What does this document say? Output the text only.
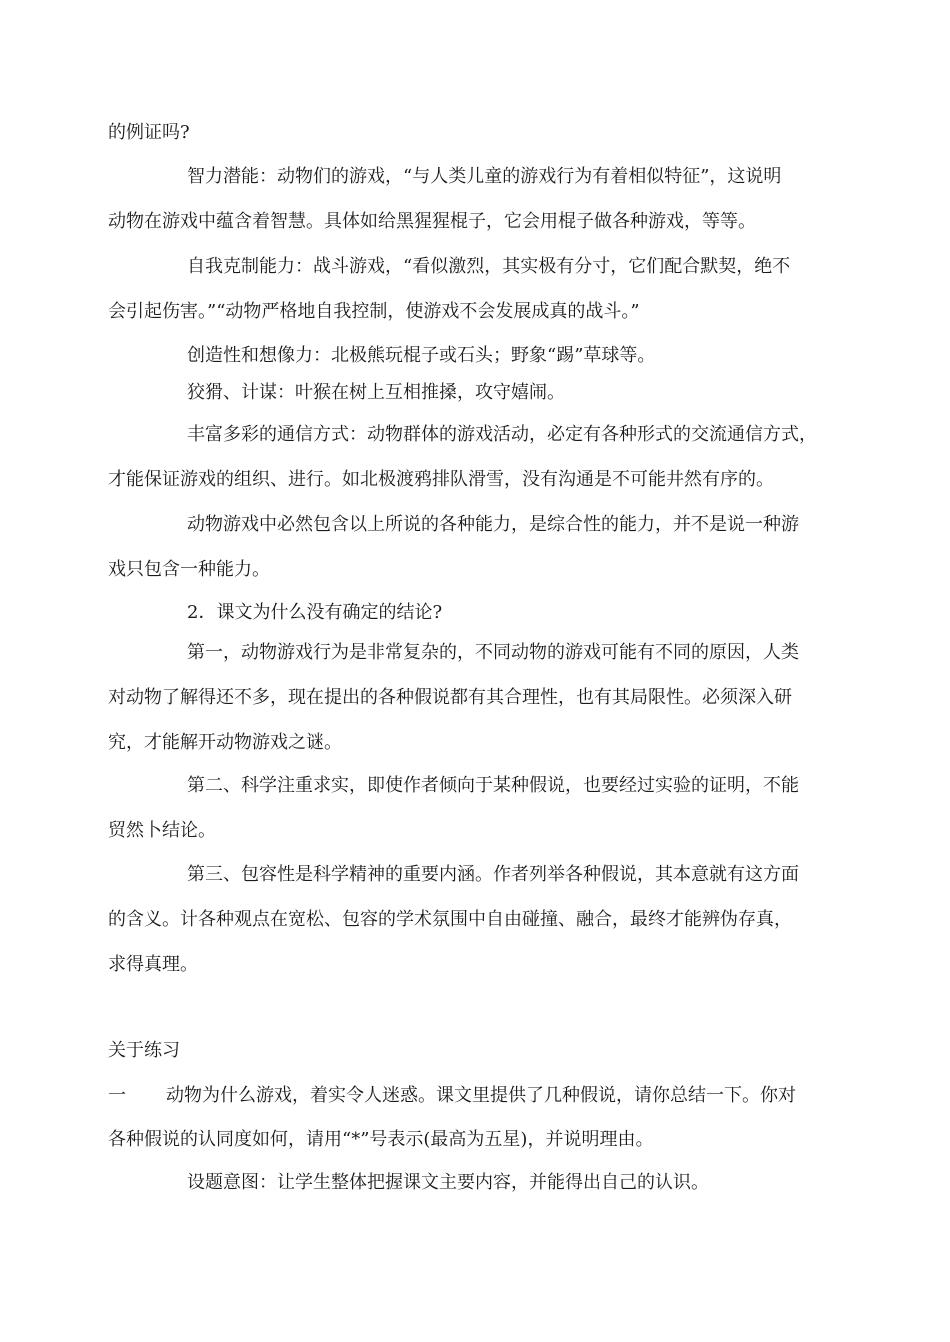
的例证吗?

智力潜能：动物们的游戏，“与人类儿童的游戏行为有着相似特征”，这说明

动物在游戏中蕴含着智慧。具体如给黑猩猩棍子，它会用棍子做各种游戏，等等。

自我克制能力：战斗游戏，“看似激烈，其实极有分寸，它们配合默契，绝不

会引起伤害。”“动物严格地自我控制，使游戏不会发展成真的战斗。”

创造性和想像力：北极熊玩棍子或石头；野象“踢”草球等。

狡猾、计谋：叶猴在树上互相推搡，攻守嬉闹。

丰富多彩的通信方式：动物群体的游戏活动，必定有各种形式的交流通信方式，

才能保证游戏的组织、进行。如北极渡鸦排队滑雪，没有沟通是不可能井然有序的。

动物游戏中必然包含以上所说的各种能力，是综合性的能力，并不是说一种游

戏只包含一种能力。

2．课文为什么没有确定的结论?

第一，动物游戏行为是非常复杂的，不同动物的游戏可能有不同的原因，人类

对动物了解得还不多，现在提出的各种假说都有其合理性，也有其局限性。必须深入研

究，才能解开动物游戏之谜。

第二、科学注重求实，即使作者倾向于某种假说，也要经过实验的证明，不能

贸然卜结论。

第三、包容性是科学精神的重要内涵。作者列举各种假说，其本意就有这方面

的含义。计各种观点在宽松、包容的学术氛围中自由碰撞、融合，最终才能辨伪存真，

求得真理。

关于练习

一 动物为什么游戏，着实令人迷惑。课文里提供了几种假说，请你总结一下。你对

各种假说的认同度如何，请用“*”号表示(最高为五星)，并说明理由。

设题意图：让学生整体把握课文主要内容，并能得出自己的认识。
